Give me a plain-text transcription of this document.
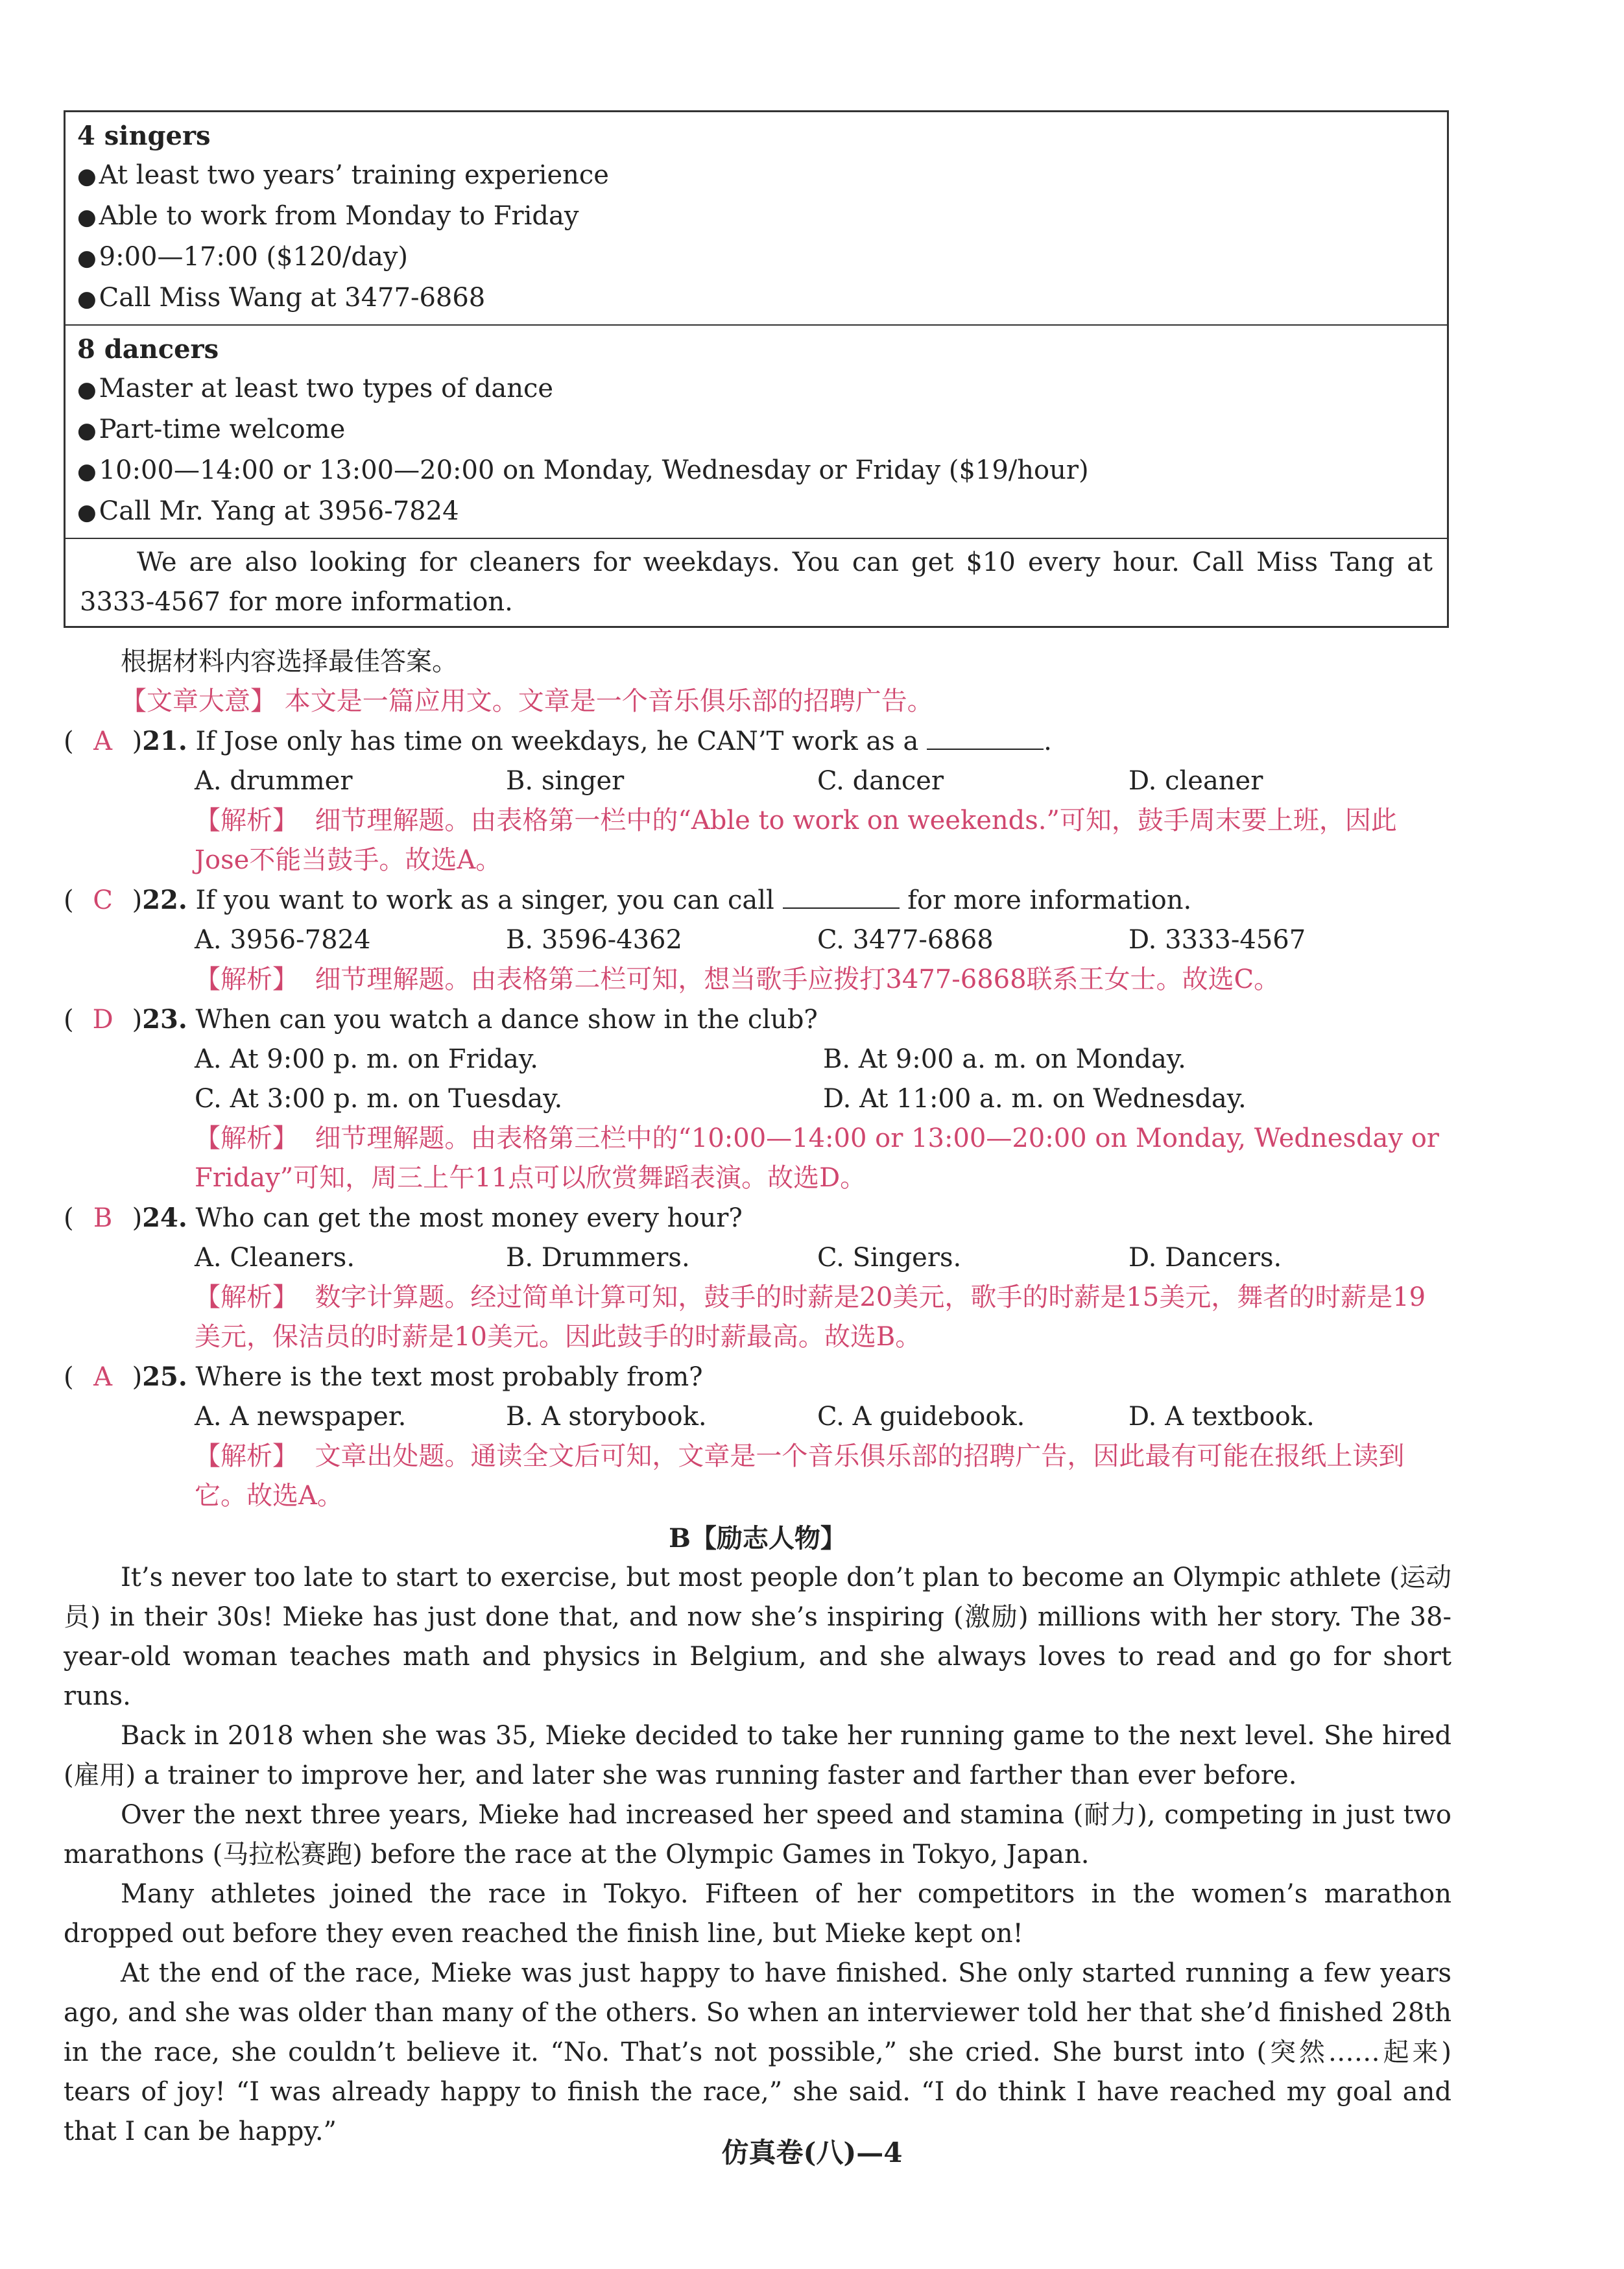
4 singers
● At least two years’ training experience
● Able to work from Monday to Friday
● 9:00—17:00 ($120/day)
● Call Miss Wang at 3477-6868
8 dancers
● Master at least two types of dance
● Part-time welcome
● 10:00—14:00 or 13:00—20:00 on Monday, Wednesday or Friday ($19/hour)
● Call Mr. Yang at 3956-7824
We are also looking for cleaners for weekdays. You can get $10 every hour. Call Miss Tang at 3333-4567 for more information.
根据材料内容选择最佳答案。
【文章大意】 本文是一篇应用文。文章是一个音乐俱乐部的招聘广告。
( A )21. If Jose only has time on weekdays, he CAN’T work as a	.
A. drummer	B. singer	C. dancer	D. cleaner
【解析】 细节理解题。由表格第一栏中的“Able to work on weekends.”可知，鼓手周末要上班，因此Jose不能当鼓手。故选A。
( C )22. If you want to work as a singer, you can call	for more information.
A. 3956-7824	B. 3596-4362	C. 3477-6868	D. 3333-4567
【解析】 细节理解题。由表格第二栏可知，想当歌手应拨打3477-6868联系王女士。故选C。
( D )23. When can you watch a dance show in the club?
A. At 9:00 p. m. on Friday.	B. At 9:00 a. m. on Monday.
C. At 3:00 p. m. on Tuesday.	D. At 11:00 a. m. on Wednesday.
【解析】 细节理解题。由表格第三栏中的“10:00—14:00 or 13:00—20:00 on Monday, Wednesday or Friday”可知，周三上午11点可以欣赏舞蹈表演。故选D。
( B )24. Who can get the most money every hour?
A. Cleaners.	B. Drummers.	C. Singers.	D. Dancers.
【解析】 数字计算题。经过简单计算可知，鼓手的时薪是20美元，歌手的时薪是15美元，舞者的时薪是19美元，保洁员的时薪是10美元。因此鼓手的时薪最高。故选B。
( A )25. Where is the text most probably from?
A. A newspaper.	B. A storybook.	C. A guidebook.	D. A textbook.
【解析】 文章出处题。通读全文后可知，文章是一个音乐俱乐部的招聘广告，因此最有可能在报纸上读到它。故选A。
B【励志人物】
It’s never too late to start to exercise, but most people don’t plan to become an Olympic athlete (运动员) in their 30s! Mieke has just done that, and now she’s inspiring (激励) millions with her story. The 38-year-old woman teaches math and physics in Belgium, and she always loves to read and go for short runs.
Back in 2018 when she was 35, Mieke decided to take her running game to the next level. She hired (雇用) a trainer to improve her, and later she was running faster and farther than ever before.
Over the next three years, Mieke had increased her speed and stamina (耐力), competing in just two marathons (马拉松赛跑) before the race at the Olympic Games in Tokyo, Japan.
Many athletes joined the race in Tokyo. Fifteen of her competitors in the women’s marathon dropped out before they even reached the finish line, but Mieke kept on!
At the end of the race, Mieke was just happy to have finished. She only started running a few years ago, and she was older than many of the others. So when an interviewer told her that she’d finished 28th in the race, she couldn’t believe it. “No. That’s not possible,” she cried. She burst into (突然……起来) tears of joy! “I was already happy to finish the race,” she said. “I do think I have reached my goal and that I can be happy.”
仿真卷(八)—4
